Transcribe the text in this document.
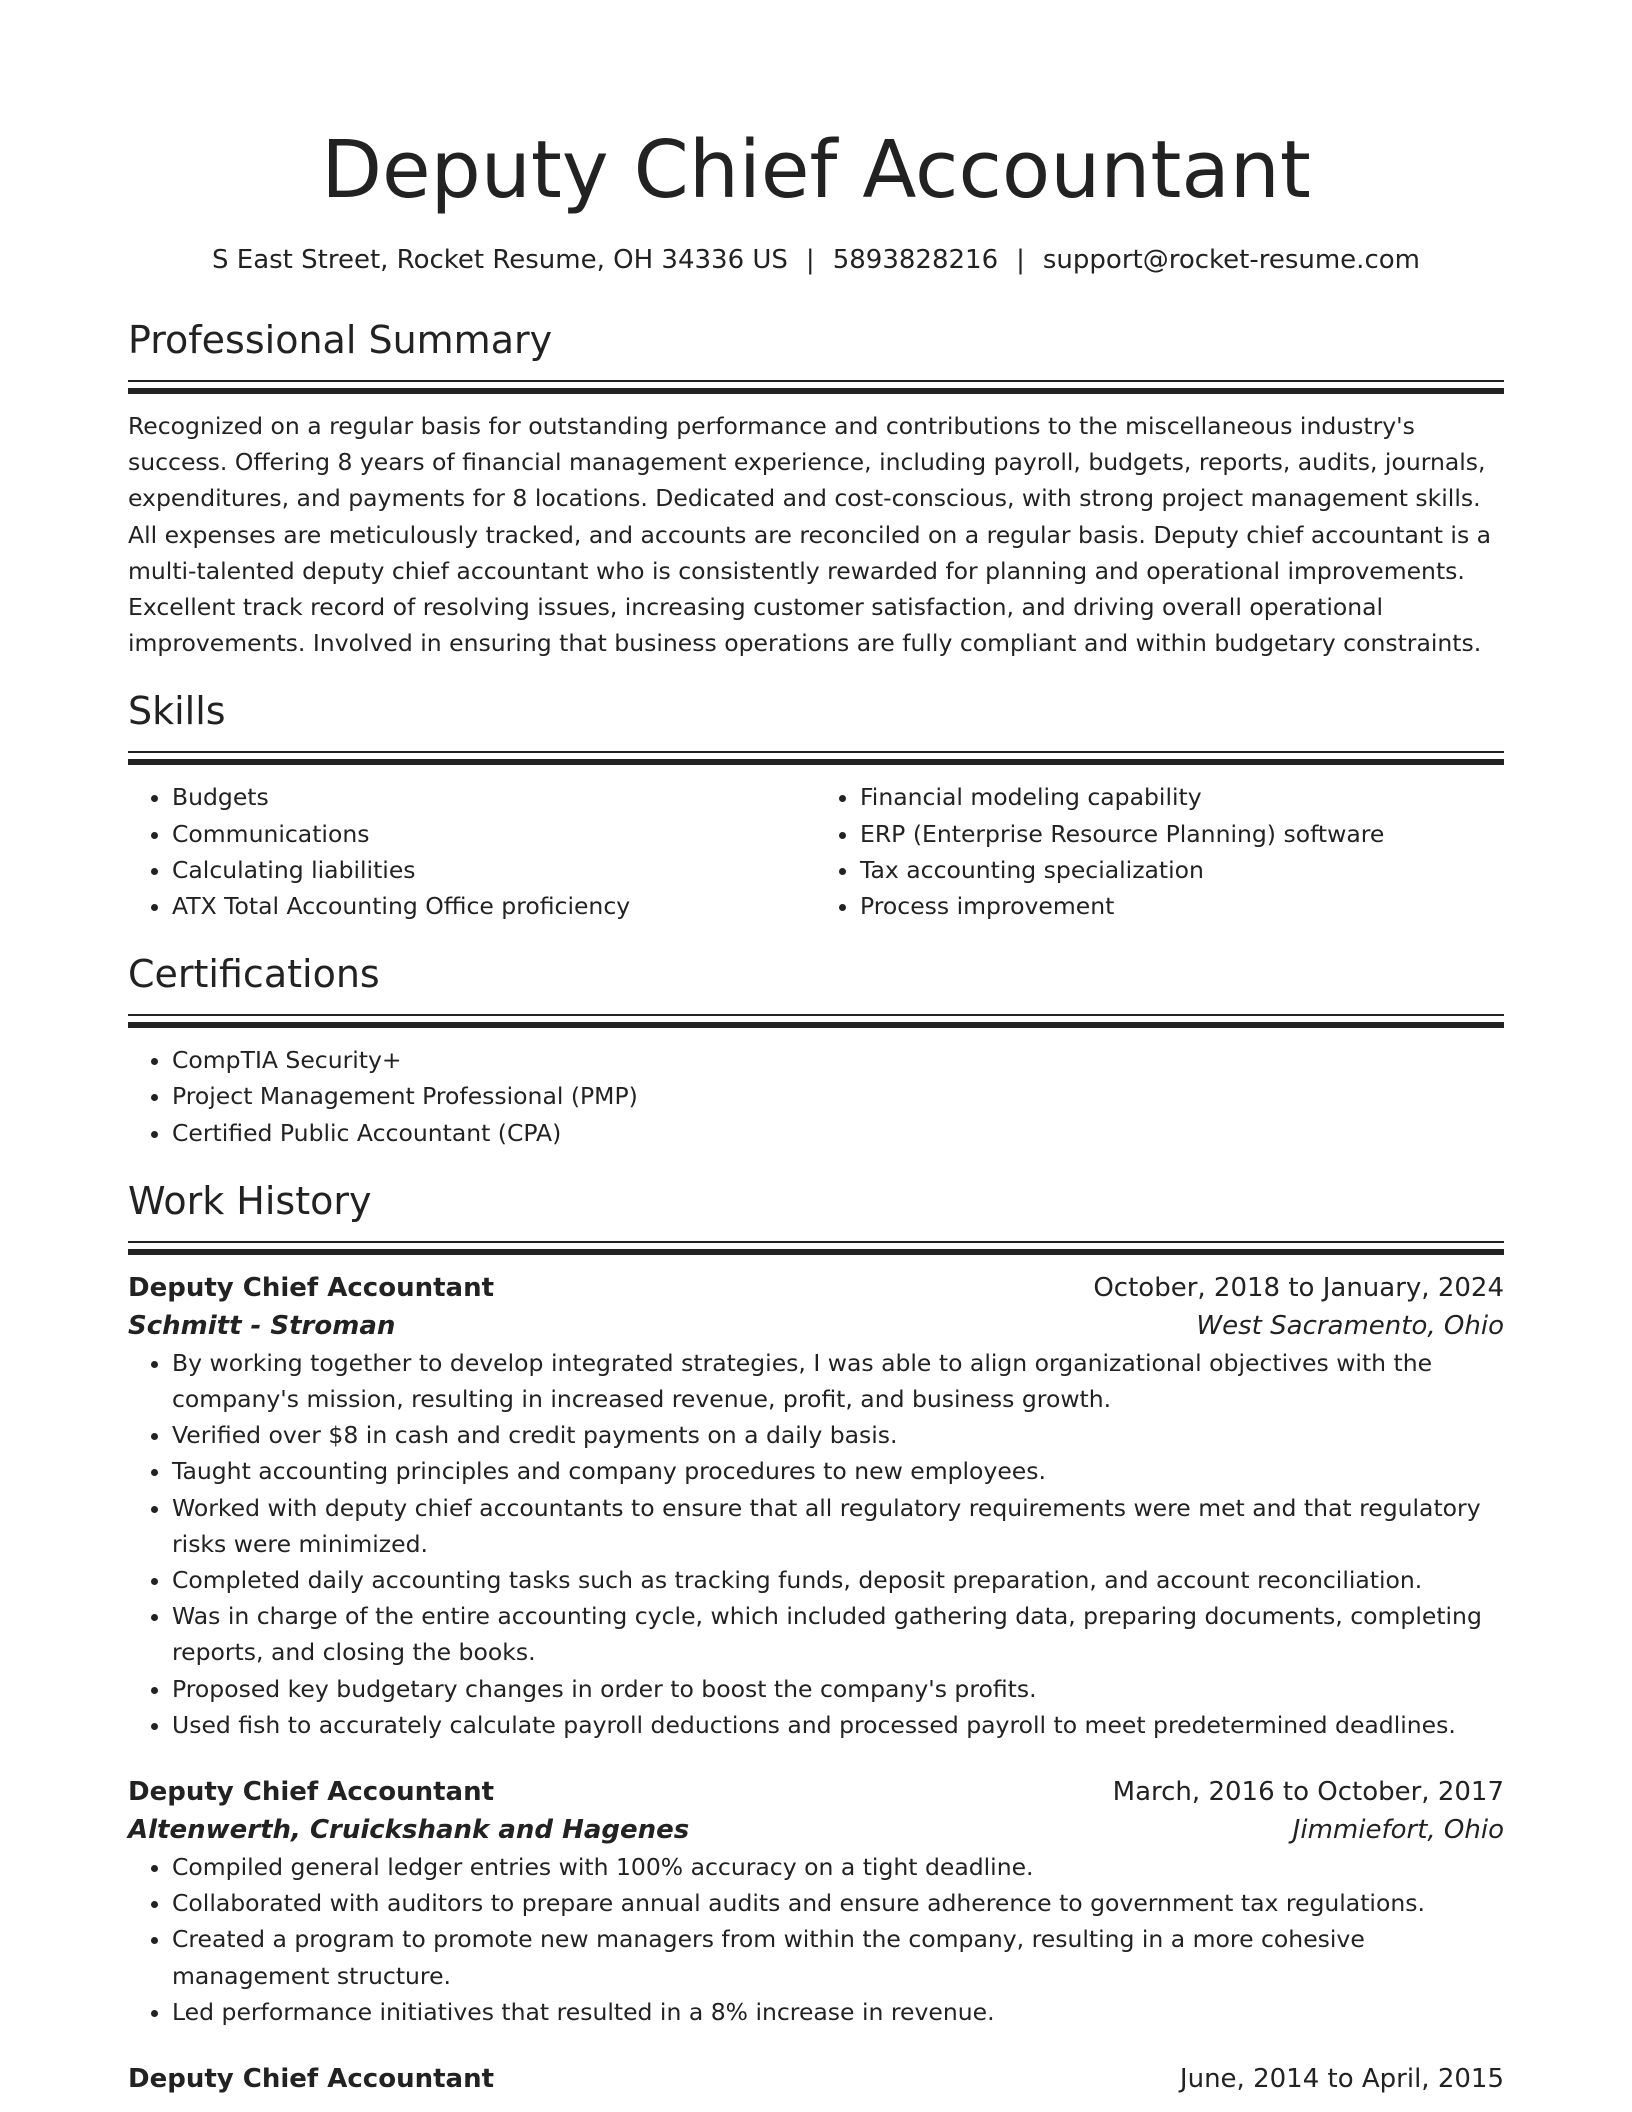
Deputy Chief Accountant
S East Street, Rocket Resume, OH 34336 US | 5893828216 | support@rocket-resume.com
Professional Summary
Recognized on a regular basis for outstanding performance and contributions to the miscellaneous industry's success. Offering 8 years of financial management experience, including payroll, budgets, reports, audits, journals, expenditures, and payments for 8 locations. Dedicated and cost-conscious, with strong project management skills. All expenses are meticulously tracked, and accounts are reconciled on a regular basis. Deputy chief accountant is a multi-talented deputy chief accountant who is consistently rewarded for planning and operational improvements. Excellent track record of resolving issues, increasing customer satisfaction, and driving overall operational improvements. Involved in ensuring that business operations are fully compliant and within budgetary constraints.
Skills
• Budgets
• Communications
• Calculating liabilities
• ATX Total Accounting Office proficiency
• Financial modeling capability
• ERP (Enterprise Resource Planning) software
• Tax accounting specialization
• Process improvement
Certifications
• CompTIA Security+
• Project Management Professional (PMP)
• Certified Public Accountant (CPA)
Work History
Deputy Chief Accountant	October, 2018 to January, 2024
Schmitt - Stroman	West Sacramento, Ohio
• By working together to develop integrated strategies, I was able to align organizational objectives with the company's mission, resulting in increased revenue, profit, and business growth.
• Verified over $8 in cash and credit payments on a daily basis.
• Taught accounting principles and company procedures to new employees.
• Worked with deputy chief accountants to ensure that all regulatory requirements were met and that regulatory risks were minimized.
• Completed daily accounting tasks such as tracking funds, deposit preparation, and account reconciliation.
• Was in charge of the entire accounting cycle, which included gathering data, preparing documents, completing reports, and closing the books.
• Proposed key budgetary changes in order to boost the company's profits.
• Used fish to accurately calculate payroll deductions and processed payroll to meet predetermined deadlines.
Deputy Chief Accountant	March, 2016 to October, 2017
Altenwerth, Cruickshank and Hagenes	Jimmiefort, Ohio
• Compiled general ledger entries with 100% accuracy on a tight deadline.
• Collaborated with auditors to prepare annual audits and ensure adherence to government tax regulations.
• Created a program to promote new managers from within the company, resulting in a more cohesive management structure.
• Led performance initiatives that resulted in a 8% increase in revenue.
Deputy Chief Accountant	June, 2014 to April, 2015
